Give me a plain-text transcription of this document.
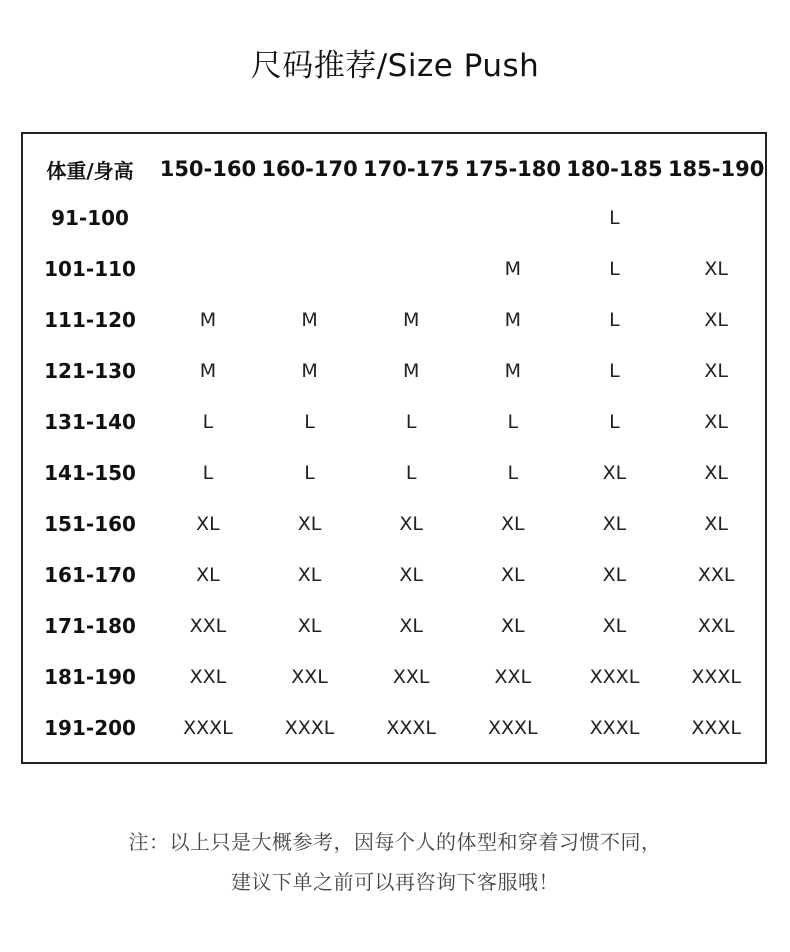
尺码推荐/Size Push
体重/身高	150-160	160-170	170-175	175-180	180-185	185-190
91-100					L	
101-110				M	L	XL
111-120	M	M	M	M	L	XL
121-130	M	M	M	M	L	XL
131-140	L	L	L	L	L	XL
141-150	L	L	L	L	XL	XL
151-160	XL	XL	XL	XL	XL	XL
161-170	XL	XL	XL	XL	XL	XXL
171-180	XXL	XL	XL	XL	XL	XXL
181-190	XXL	XXL	XXL	XXL	XXXL	XXXL
191-200	XXXL	XXXL	XXXL	XXXL	XXXL	XXXL
注：以上只是大概参考，因每个人的体型和穿着习惯不同，
建议下单之前可以再咨询下客服哦！
